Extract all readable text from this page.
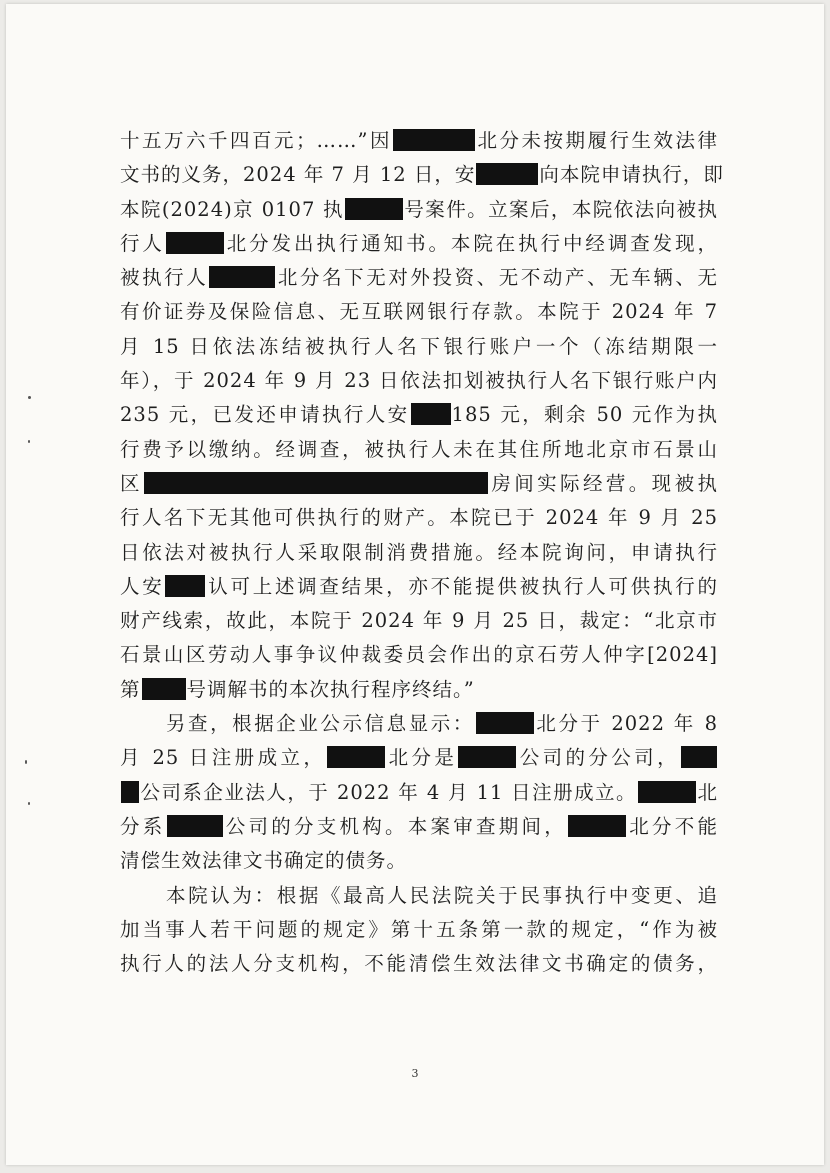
十五万六千四百元；……”因	北分未按期履行生效法律
文书的义务，2024 年 7 月 12 日，安	向本院申请执行，即
本院(2024)京 0107 执	号案件。立案后，本院依法向被执
行人	北分发出执行通知书。本院在执行中经调查发现，
被执行人	北分名下无对外投资、无不动产、无车辆、无
有价证券及保险信息、无互联网银行存款。本院于 2024 年 7
月 15 日依法冻结被执行人名下银行账户一个（冻结期限一
年），于 2024 年 9 月 23 日依法扣划被执行人名下银行账户内
235 元，已发还申请执行人安 185 元，剩余 50 元作为执
行费予以缴纳。经调查，被执行人未在其住所地北京市石景山
区	房间实际经营。现被执
行人名下无其他可供执行的财产。本院已于 2024 年 9 月 25
日依法对被执行人采取限制消费措施。经本院询问，申请执行
人安 认可上述调查结果，亦不能提供被执行人可供执行的
财产线索，故此，本院于 2024 年 9 月 25 日，裁定：“北京市
石景山区劳动人事争议仲裁委员会作出的京石劳人仲字[2024]
第 号调解书的本次执行程序终结。”
另查，根据企业公示信息显示：	北分于 2022 年 8
月 25 日注册成立，	北分是	公司的分公司，
公司系企业法人，于 2022 年 4 月 11 日注册成立。	北
分系	公司的分支机构。本案审查期间，	北分不能
清偿生效法律文书确定的债务。
本院认为：根据《最高人民法院关于民事执行中变更、追
加当事人若干问题的规定》第十五条第一款的规定，“作为被
执行人的法人分支机构，不能清偿生效法律文书确定的债务，
3
